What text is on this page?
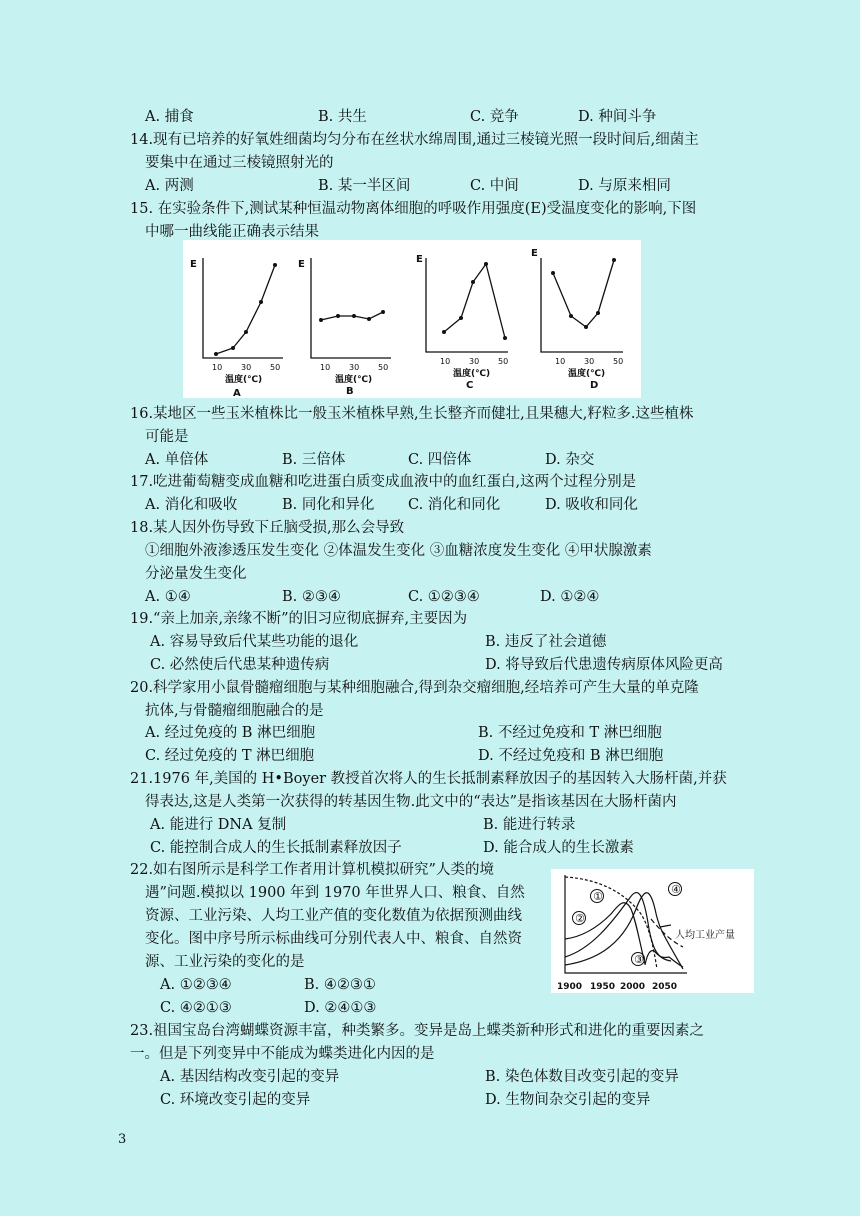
A. 捕食	B. 共生	C. 竞争	D. 种间斗争
14.现有已培养的好氧姓细菌均匀分布在丝状水绵周围,通过三棱镜光照一段时间后,细菌主
要集中在通过三棱镜照射光的
A. 两测	B. 某一半区间	C. 中间	D. 与原来相同
15. 在实验条件下,测试某种恒温动物离体细胞的呼吸作用强度(E)受温度变化的影响,下图
中哪一曲线能正确表示结果
E	E	E
E
10 30 50	10 30 50
10 30 50	10 30 50
温度(℃)	温度(℃)
温度(℃)	温度(℃)
A	B
C	D
16.某地区一些玉米植株比一般玉米植株早熟,生长整齐而健壮,且果穗大,籽粒多.这些植株
可能是
A. 单倍体	B. 三倍体	C. 四倍体	D. 杂交
17.吃进葡萄糖变成血糖和吃进蛋白质变成血液中的血红蛋白,这两个过程分别是
A. 消化和吸收	B. 同化和异化 C. 消化和同化	D. 吸收和同化
18.某人因外伤导致下丘脑受损,那么会导致
①细胞外液渗透压发生变化 ②体温发生变化 ③血糖浓度发生变化 ④甲状腺激素
分泌量发生变化
A. ①④	B. ②③④	C. ①②③④	D. ①②④
19.“亲上加亲,亲缘不断”的旧习应彻底摒弃,主要因为
A. 容易导致后代某些功能的退化	B. 违反了社会道德
C. 必然使后代患某种遗传病	D. 将导致后代患遗传病原体风险更高
20.科学家用小鼠骨髓瘤细胞与某种细胞融合,得到杂交瘤细胞,经培养可产生大量的单克隆
抗体,与骨髓瘤细胞融合的是
A. 经过免疫的 B 淋巴细胞	B. 不经过免疫和 T 淋巴细胞
C. 经过免疫的 T 淋巴细胞	D. 不经过免疫和 B 淋巴细胞
21.1976 年,美国的 H•Boyer 教授首次将人的生长抵制素释放因子的基因转入大肠杆菌,并获
得表达,这是人类第一次获得的转基因生物.此文中的“表达”是指该基因在大肠杆菌内
A. 能进行 DNA 复制	B. 能进行转录
C. 能控制合成人的生长抵制素释放因子	D. 能合成人的生长激素
22.如右图所示是科学工作者用计算机模拟研究”人类的境
遇”问题.模拟以 1900 年到 1970 年世界人口、粮食、自然
资源、工业污染、人均工业产值的变化数值为依据预测曲线
变化。图中序号所示标曲线可分别代表人中、粮食、自然资
源、工业污染的变化的是
A. ①②③④	B. ④②③①
C. ④②①③	D. ②④①③
①
②
③
④
人均工业产量
1900 1950 2000 2050
23.祖国宝岛台湾蝴蝶资源丰富，种类繁多。变异是岛上蝶类新种形式和进化的重要因素之
一。但是下列变异中不能成为蝶类进化内因的是
A. 基因结构改变引起的变异	B. 染色体数目改变引起的变异
C. 环境改变引起的变异	D. 生物间杂交引起的变异
3
